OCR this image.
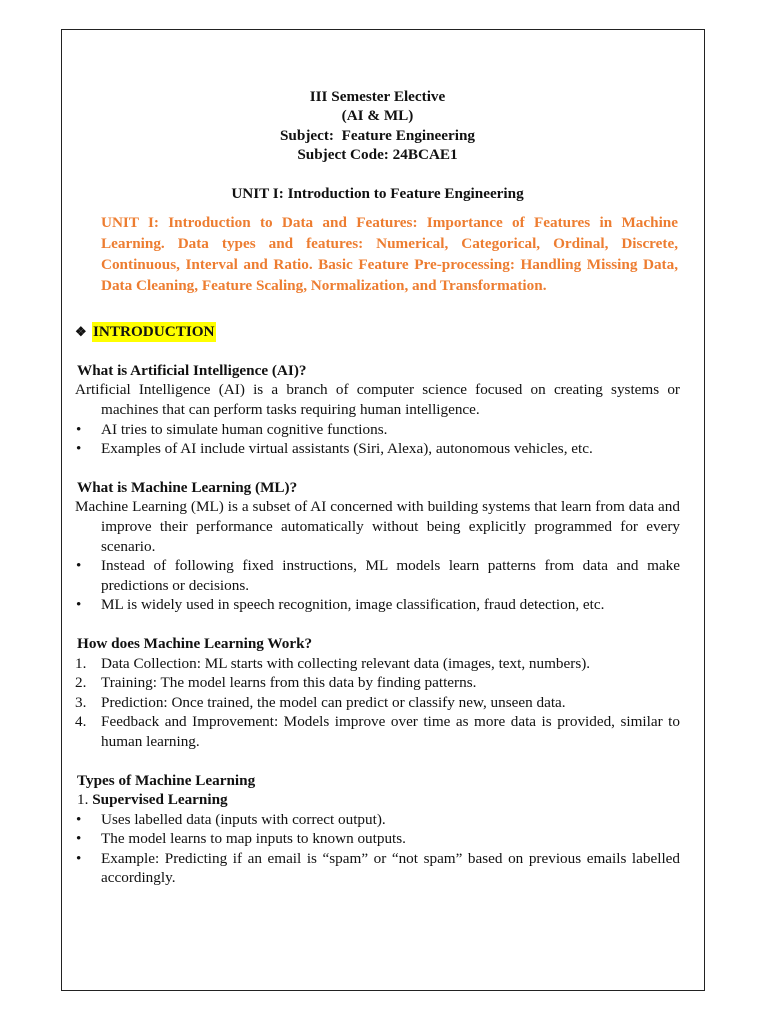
III Semester Elective
(AI & ML)
Subject:  Feature Engineering
Subject Code: 24BCAE1
UNIT I: Introduction to Feature Engineering
UNIT I: Introduction to Data and Features: Importance of Features in Machine Learning. Data types and features: Numerical, Categorical, Ordinal, Discrete, Continuous, Interval and Ratio. Basic Feature Pre-processing: Handling Missing Data, Data Cleaning, Feature Scaling, Normalization, and Transformation.
❖ INTRODUCTION
What is Artificial Intelligence (AI)?
Artificial Intelligence (AI) is a branch of computer science focused on creating systems or machines that can perform tasks requiring human intelligence.
• AI tries to simulate human cognitive functions.
• Examples of AI include virtual assistants (Siri, Alexa), autonomous vehicles, etc.
What is Machine Learning (ML)?
Machine Learning (ML) is a subset of AI concerned with building systems that learn from data and improve their performance automatically without being explicitly programmed for every scenario.
• Instead of following fixed instructions, ML models learn patterns from data and make predictions or decisions.
• ML is widely used in speech recognition, image classification, fraud detection, etc.
How does Machine Learning Work?
1. Data Collection: ML starts with collecting relevant data (images, text, numbers).
2. Training: The model learns from this data by finding patterns.
3. Prediction: Once trained, the model can predict or classify new, unseen data.
4. Feedback and Improvement: Models improve over time as more data is provided, similar to human learning.
Types of Machine Learning
1. Supervised Learning
• Uses labelled data (inputs with correct output).
• The model learns to map inputs to known outputs.
• Example: Predicting if an email is “spam” or “not spam” based on previous emails labelled accordingly.
